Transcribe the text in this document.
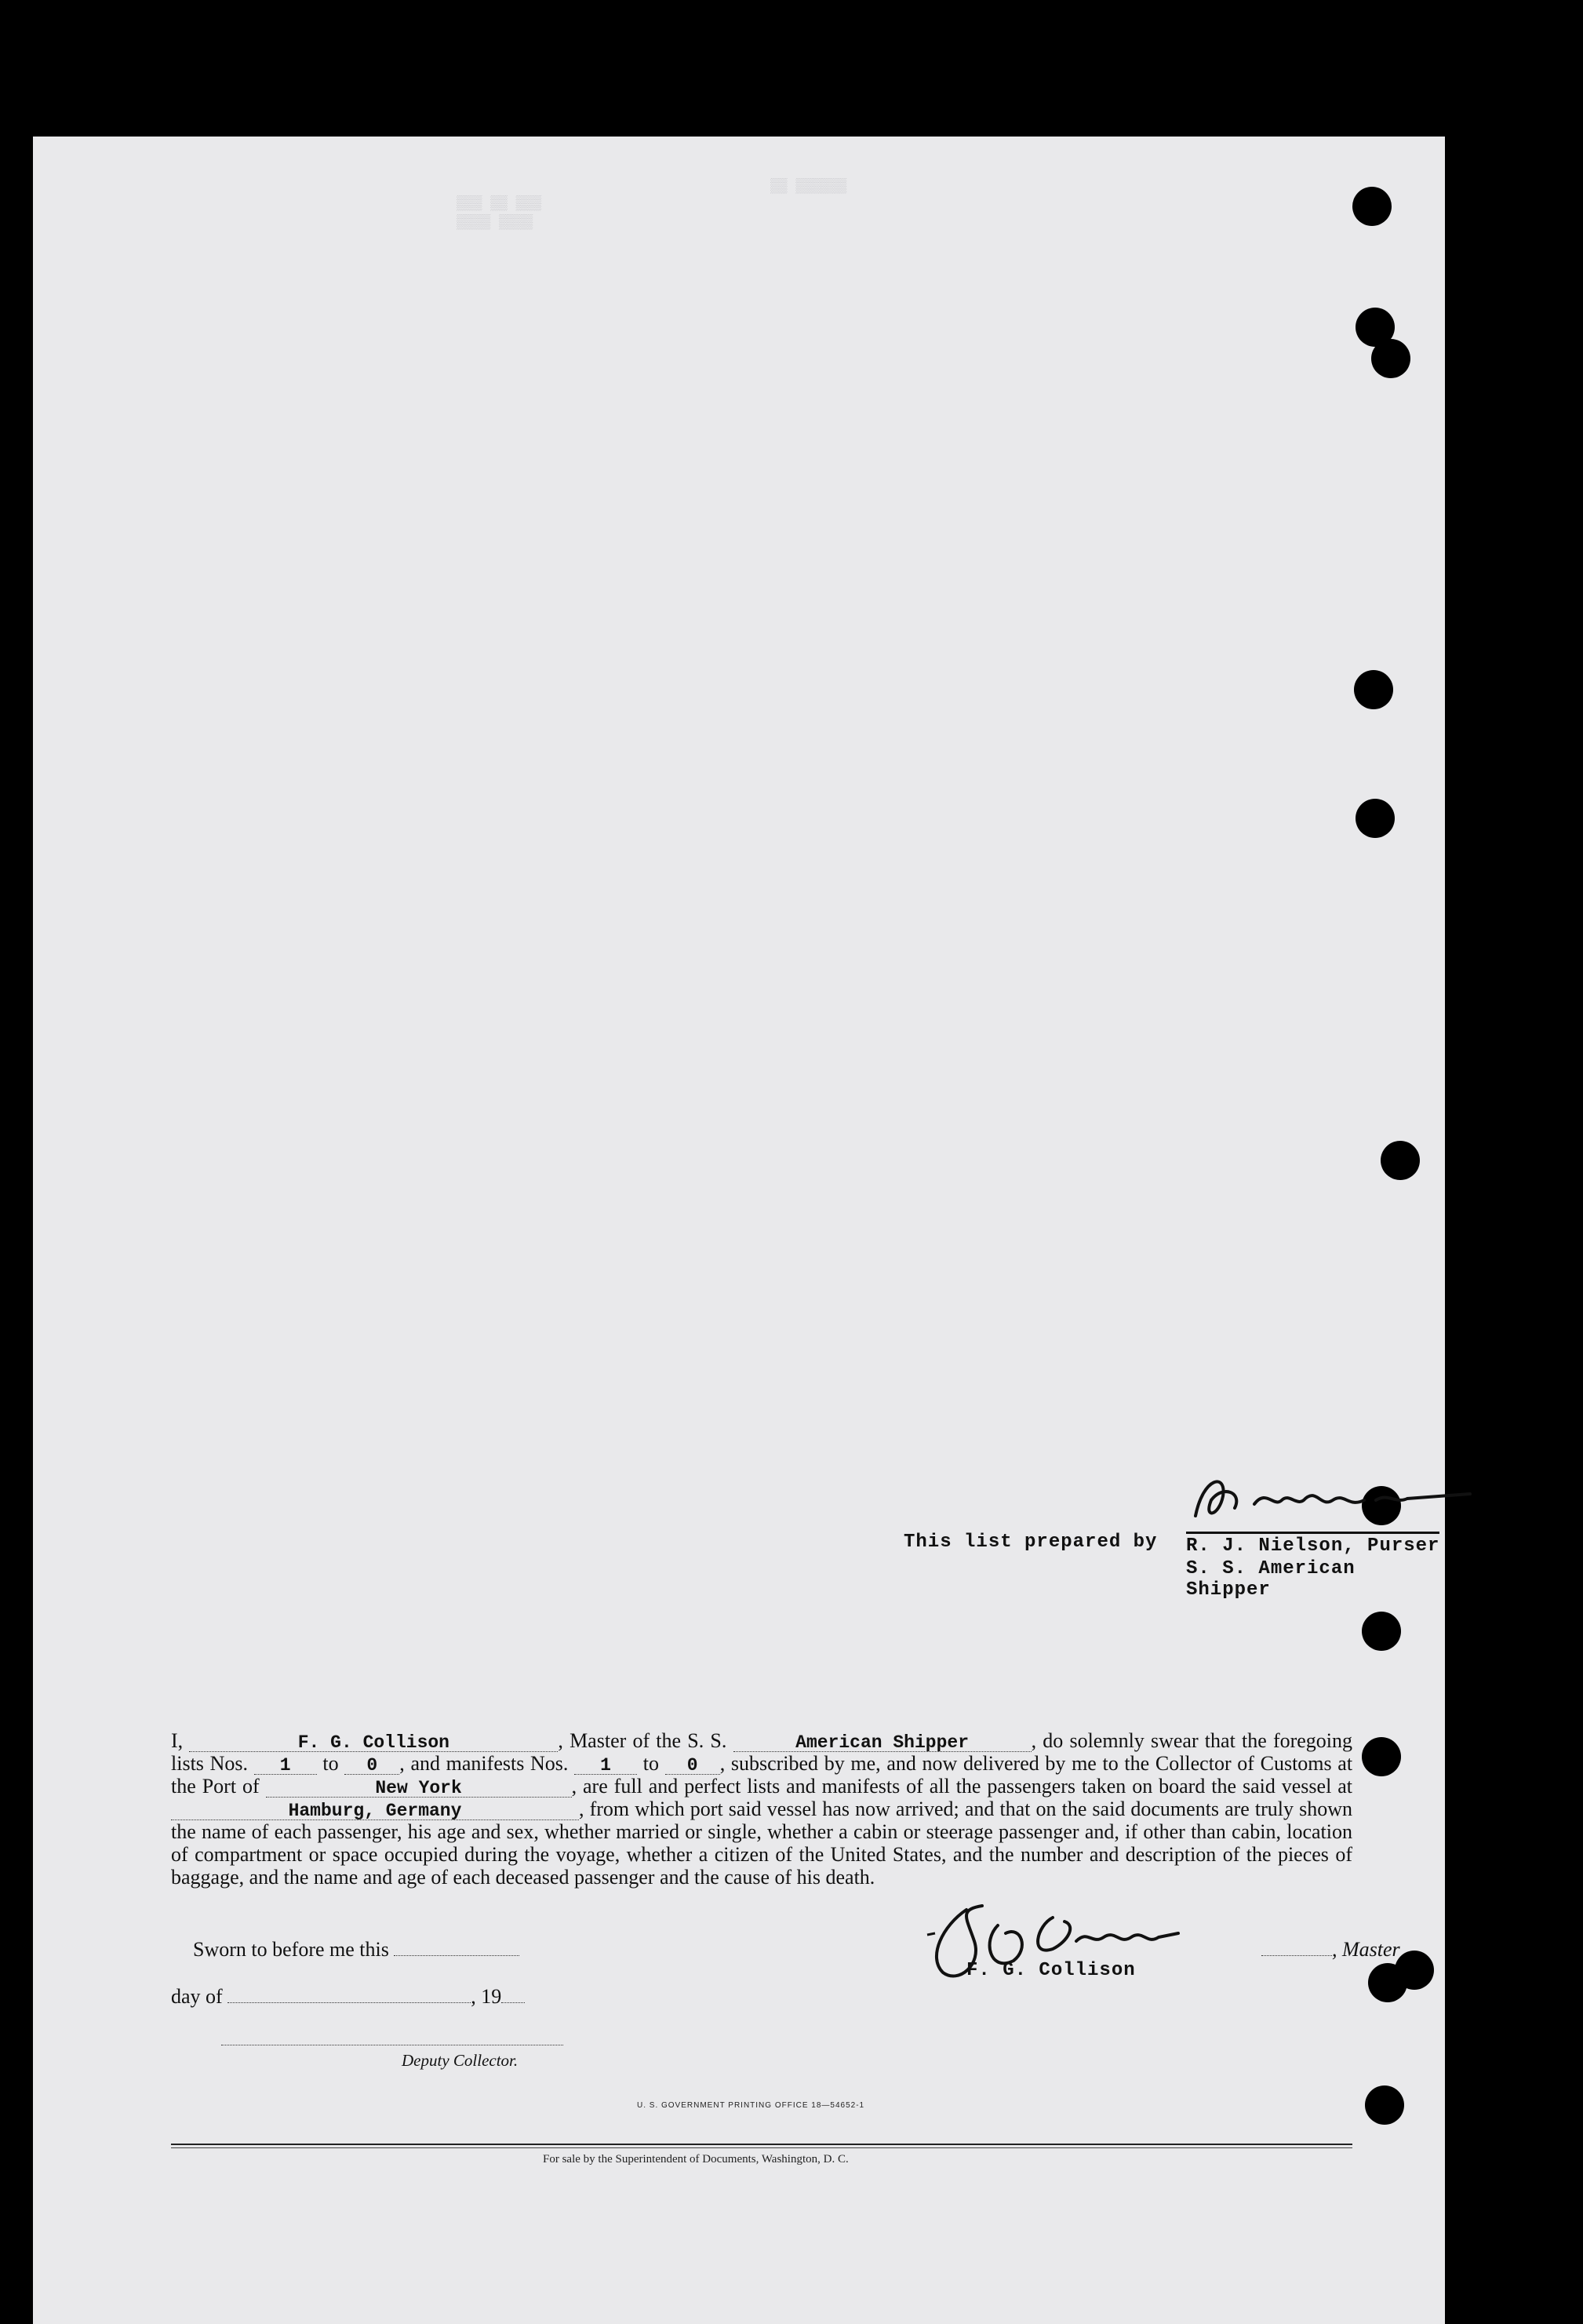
▒▒▒ ▒▒ ▒▒▒
▒▒▒▒ ▒▒▒▒
▒▒ ▒▒▒▒▒▒
This list prepared by R. J. Nielson, Purser
S. S. American Shipper
I,	F. G. Collison	, Master of the S. S.	American Shipper	, do solemnly swear that the foregoing lists Nos. 1 to 0 , and manifests Nos. 1 to 0 , subscribed by me, and now delivered by me to the Collector of Customs at the Port of	New York	, are full and perfect lists and manifests of all the passengers taken on board the said vessel at Hamburg, Germany	, from which port said vessel has now arrived; and that on the said documents are truly shown the name of each passenger, his age and sex, whether married or single, whether a cabin or steerage passenger and, if other than cabin, location of compartment or space occupied during the voyage, whether a citizen of the United States, and the number and description of the pieces of baggage, and the name and age of each deceased passenger and the cause of his death.
Sworn to before me this
day of	, 19
, Master
F. G. Collison
Deputy Collector.
U. S. GOVERNMENT PRINTING OFFICE 18—54652-1
For sale by the Superintendent of Documents, Washington, D. C.
